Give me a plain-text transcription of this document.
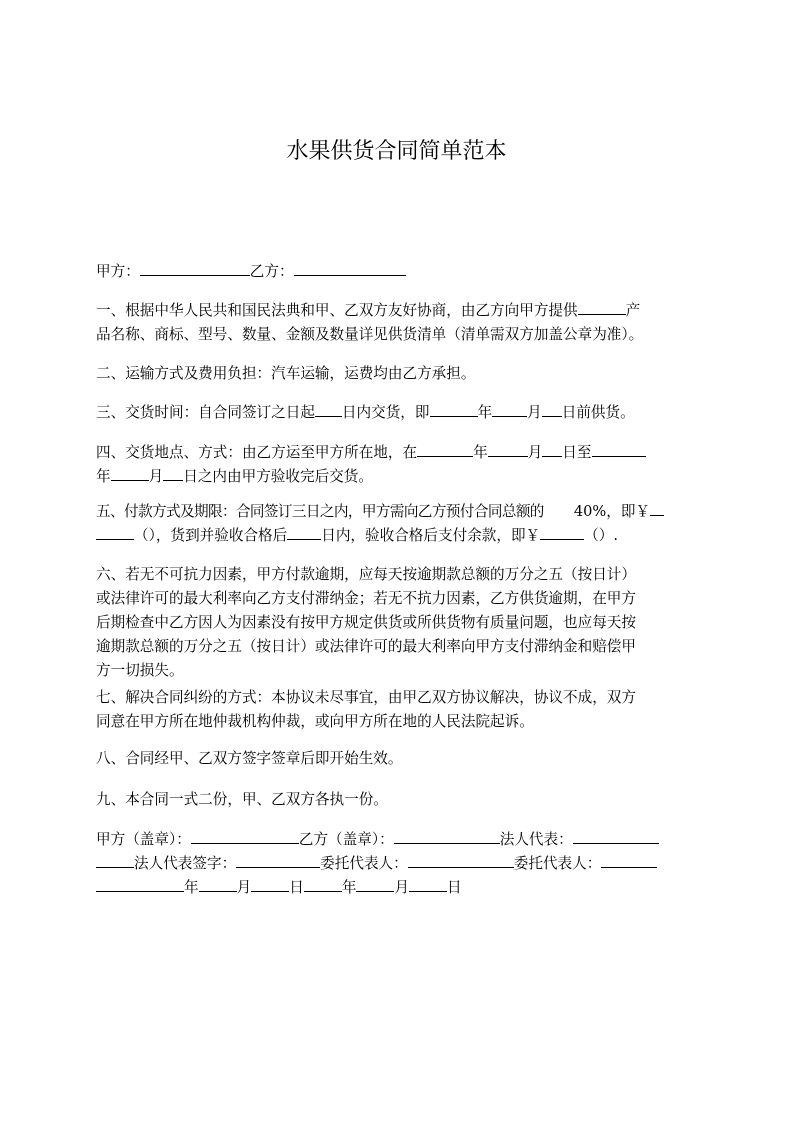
水果供货合同简单范本
甲方：	乙方：
一、根据中华人民共和国民法典和甲、乙双方友好协商，由乙方向甲方提供	产
品名称、商标、型号、数量、金额及数量详见供货清单（清单需双方加盖公章为准）。
二、运输方式及费用负担：汽车运输，运费均由乙方承担。
三、交货时间：自合同签订之日起 日内交货，即	年 月 日前供货。
四、交货地点、方式：由乙方运至甲方所在地，在	年	月 日至
年	月 日之内由甲方验收完后交货。
五、付款方式及期限：合同签订三日之内，甲方需向乙方预付合同总额的 40%，即￥
（），货到并验收合格后 日内，验收合格后支付余款，即￥	（）.
六、若无不可抗力因素，甲方付款逾期，应每天按逾期款总额的万分之五（按日计）
或法律许可的最大利率向乙方支付滞纳金；若无不抗力因素，乙方供货逾期，在甲方
后期检查中乙方因人为因素没有按甲方规定供货或所供货物有质量问题，也应每天按
逾期款总额的万分之五（按日计）或法律许可的最大利率向甲方支付滞纳金和赔偿甲
方一切损失。
七、解决合同纠纷的方式：本协议未尽事宜，由甲乙双方协议解决，协议不成，双方
同意在甲方所在地仲裁机构仲裁，或向甲方所在地的人民法院起诉。
八、合同经甲、乙双方签字签章后即开始生效。
九、本合同一式二份，甲、乙双方各执一份。
甲方（盖章）：	乙方（盖章）：	法人代表：
法人代表签字：	委托代表人：	委托代表人：
年	月	日	年	月	日
